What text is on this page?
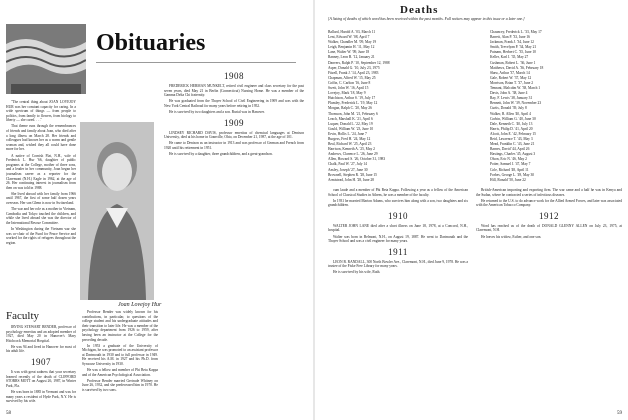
Obituaries

"The central thing about JOAN LOVEJOY HUR was her constant capacity for caring. In a wide spectrum of things — from people to politics, from family to flowers, from biology to liberty — she cared. . . ."

That theme runs through the remembrances of friends and family about Joan, who died after a long illness on March 28. Her friends and colleagues had known her as a warm and gentle woman and, wished they all could have done more for her.

A native of Cornish Flat, N.H., wife of Frederick L. Hur '66, daughter of public programs at the College, mother of three sons, and a leader in her community, Joan began her journalism career as a reporter for the Claremont (N.H.) Eagle in 1962, at the age of 26. Her continuing interest in journalism from then on was told in 1988.

She lived abroad with her family from 1966 until 1967, the first of some half dozen years overseas. Her son Glenn is now in Switzerland.

The war and her role as a mother in Vietnam, Cambodia and Tokyo touched the children, and while she lived abroad she was the director of the International Rescue Committee.

In Washington during the Vietnam war she was co-chair of the Fund for Peace Service and worked for the rights of refugees throughout the region.

Joan Lovejoy Hur

Professor Bender was widely known for his contributions, in particular, to questions of the college student and his undergraduate attitudes and their transition to later life. He was a member of the psychology department from 1926 to 1959, after having been an instructor at the College for the preceding decade.

In 1953 a graduate of the University of Michigan, he was promoted to an assistant professor at Dartmouth in 1930 and to full professor in 1949. He received his A.M. in 1927 and his Ph.D. from Syracuse University in 1930.

He was a fellow and member of Phi Beta Kappa and of the American Psychological Association.

Professor Bender married Gertrude Whitney on June 26, 1932, and she predeceased him in 1970. He is survived by two sons.

Faculty

IRVING STEWART BENDER, professor of psychology emeritus and an adopted member of 1927, died May 20 in Hanover's Mary Hitchcock Memorial Hospital.

He was 94 and lived in Hanover for most of his adult life.

1907

It was with great sadness that your secretary learned recently of the death of CLIFFORD STORRS MOTT on August 26, 1987, in Winter Park, Fla.

He was born in 1885 in Vermont and was for many years a resident of Hyde Park, N.Y. He is survived by his wife.

1908

FREDERICK HERMAN MUNKELT, retired civil engineer and class secretary for the past seven years, died May 21 in Berlin (Connecticut) Nursing Home. He was a member of the Gamma Delta Chi fraternity.

He was graduated from the Thayer School of Civil Engineering in 1909 and was with the New York Central Railroad for many years before retiring in 1952.

He is survived by two daughters and a son. Burial was in Hanover.

1909

LINDSEY RICHARD DAVIS, professor emeritus of chemical languages at Denison University, died at his home in Granville, Ohio, on December 21, 1987, at the age of 101.

He came to Denison as an instructor in 1913 and was professor of German and French from 1920 until his retirement in 1951.

He is survived by a daughter, three grandchildren, and a great-grandson.

58
Deaths
[A listing of deaths of which word has been received within the past months. Full notices may appear in this issue or a later one.]
Chauncey, Frederick L. '33, May 17
Barrett, Alan P. '33, June 16
Jackman, Frank J. '34, June 12
Smith, Trevelyan P. '34, May 21
Putnam, Herbert C. '35, June 10
Keller, Karl J. '35, May 27
Cushman, Robert L. '36, June 1
Matthews, David A. '36, February 18
Shaw, Arthur '37, March 14
Gale, Robert W. '37, May 12
Morrison, Brian T. '37, June 2
Tennant, Malcolm W. '38, March 1
Davis, John A. '38, June 4
Ray, F. Lewis '38, January 31
Bennett, John W. '39, November 23
Curtis, Donald '39, July 8
Walker, R. Allen '40, April 4
Corbin, William G. '40, June 30
Dale, Kenneth C. '40, July 13
Harris, Philip D. '41, April 20
Alcott, John E. '42, February 15
Reid, Lawrence T. '43, May 3
Mead, Franklin C. '43, June 21
Barnes, David '44, April 26
Hastings, Charles '45, August 3
Olson, Eric N. '46, May 2
Potter, Samuel J. '47, May 7
Cole, Richard '48, April 11
Forbes, George L. '49, May 30
Hill, Ronald '50, June 22
Ballard, Harold A. '03, March 11
Lent, Edward W. '08, April 7
Walker, Chandler M. '09, May 19
Leigh, Benjamin H. '11, May 12
Lane, Walter W. '09, June 18
Ranney, Leon B. '12, January 21
Danvers, Ralph P. '10, September 12, 1988
Asper, Donald G. '10, July 23, 1975
Fitzell, Frank J. '14, April 23, 1983
Chapman, Alfred W. '15, May 25
Coffin, C. Carlton '16, June 8
Swett, John W. '16, April 15
Lovejoy, Mark '18, May 9
Hutchison, Arthur S. '19, July 17
Plumley, Frederick L. '19, May 12
Morgan, Ralph C. '20, May 26
Thomson, John M. '21, February 6
Leach, Marshall K. '21, April 6
Luquer, Donald L. '22, May 19
Gould, William W. '23, June 10
Ervin, Hollis L. '24, June 7
Burgess, Fred H. '24, May 12
Beal, Richard W. '25, April 23
Harrison, Kenneth A. '25, May 2
Andrews, Clarence L. '26, June 29
Allen, Howard S. '26, October 31, 1983
Chalk, Paul W. '27, July 14
Ansley, Joseph '27, June 30
Brownell, Stephen R. '28, June 15
Armistead, John H. '28, June 28

cum laude and a member of Phi Beta Kappa. Following a year as a fellow of the American School of Classical Studies in Athens, he was a member of the faculty.

In 1931 he married Marion Adams, who survives him along with a son, two daughters and six grandchildren.

1910

WALTER JOHN LANE died after a short illness on June 18, 1978, at a Concord, N.H., hospital.

Walter was born in Belmont, N.H., on August 19, 1887. He went to Dartmouth and the Thayer School and was a civil engineer for many years.

1911

LEON B. RANDALL, 300 North Bowler Ave., Claremont, N.H., died June 9, 1978. He was a trustee of the Fiske Free Library for many years.

He is survived by his wife, Ruth.

British-American importing and exporting firm. The war came and a half he was in Kenya and the Sudan, where he contracted a series of infectious diseases.

He returned to the U.S. to do advance work for the Allied Armed Forces, and later was associated with the American Tobacco Company.

1912

Word has reached us of the death of DONALD GLENNY ALLEN on July 23, 1975, at Claremont, N.H.

He leaves his widow, Esther, and one son.

59
